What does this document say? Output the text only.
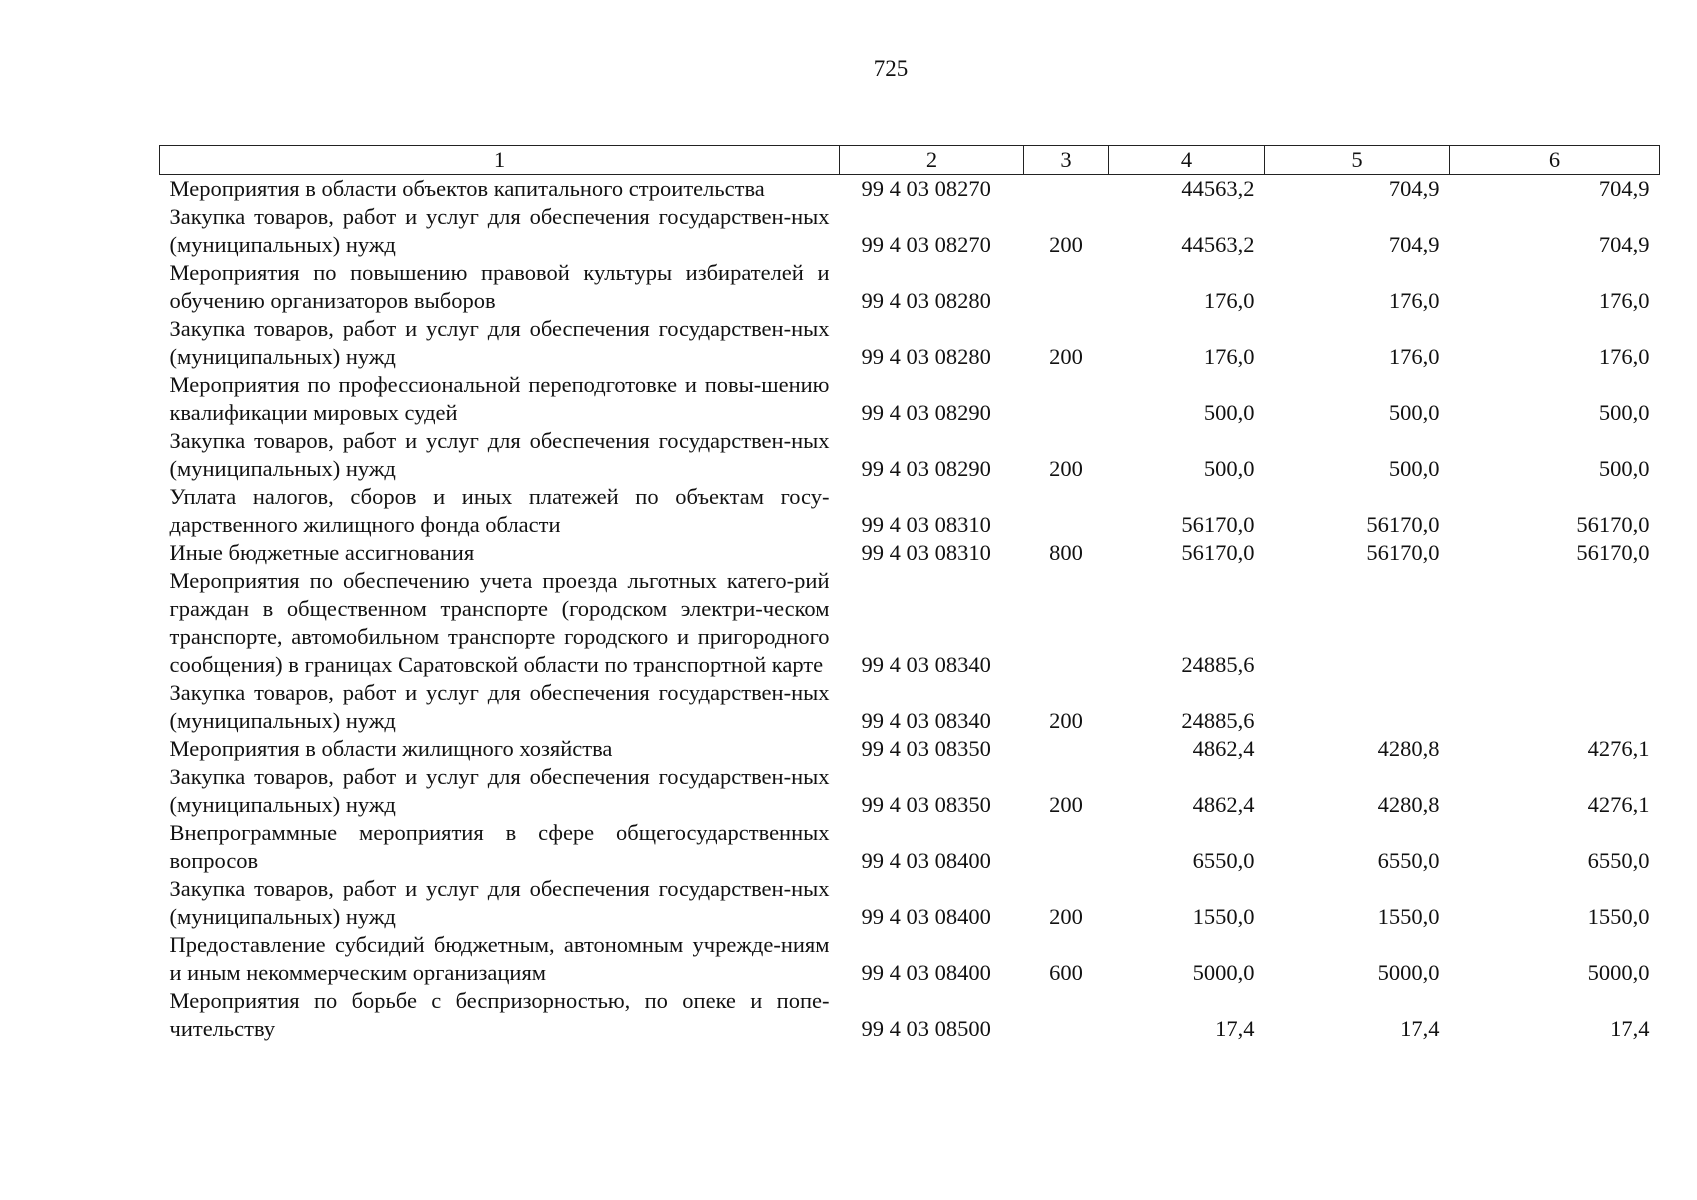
725
1	2	3	4	5	6
Мероприятия в области объектов капитального строительства	99 4 03 08270		44563,2	704,9	704,9
Закупка товаров, работ и услуг для обеспечения государствен-ных (муниципальных) нужд	99 4 03 08270	200	44563,2	704,9	704,9
Мероприятия по повышению правовой культуры избирателей и обучению организаторов выборов	99 4 03 08280		176,0	176,0	176,0
Закупка товаров, работ и услуг для обеспечения государствен-ных (муниципальных) нужд	99 4 03 08280	200	176,0	176,0	176,0
Мероприятия по профессиональной переподготовке и повы-шению квалификации мировых судей	99 4 03 08290		500,0	500,0	500,0
Закупка товаров, работ и услуг для обеспечения государствен-ных (муниципальных) нужд	99 4 03 08290	200	500,0	500,0	500,0
Уплата налогов, сборов и иных платежей по объектам госу-дарственного жилищного фонда области	99 4 03 08310		56170,0	56170,0	56170,0
Иные бюджетные ассигнования	99 4 03 08310	800	56170,0	56170,0	56170,0
Мероприятия по обеспечению учета проезда льготных катего-рий граждан в общественном транспорте (городском электри-ческом транспорте, автомобильном транспорте городского и пригородного сообщения) в границах Саратовской области по транспортной карте	99 4 03 08340		24885,6		
Закупка товаров, работ и услуг для обеспечения государствен-ных (муниципальных) нужд	99 4 03 08340	200	24885,6		
Мероприятия в области жилищного хозяйства	99 4 03 08350		4862,4	4280,8	4276,1
Закупка товаров, работ и услуг для обеспечения государствен-ных (муниципальных) нужд	99 4 03 08350	200	4862,4	4280,8	4276,1
Внепрограммные мероприятия в сфере общегосударственных вопросов	99 4 03 08400		6550,0	6550,0	6550,0
Закупка товаров, работ и услуг для обеспечения государствен-ных (муниципальных) нужд	99 4 03 08400	200	1550,0	1550,0	1550,0
Предоставление субсидий бюджетным, автономным учрежде-ниям и иным некоммерческим организациям	99 4 03 08400	600	5000,0	5000,0	5000,0
Мероприятия по борьбе с беспризорностью, по опеке и попе-чительству	99 4 03 08500		17,4	17,4	17,4
